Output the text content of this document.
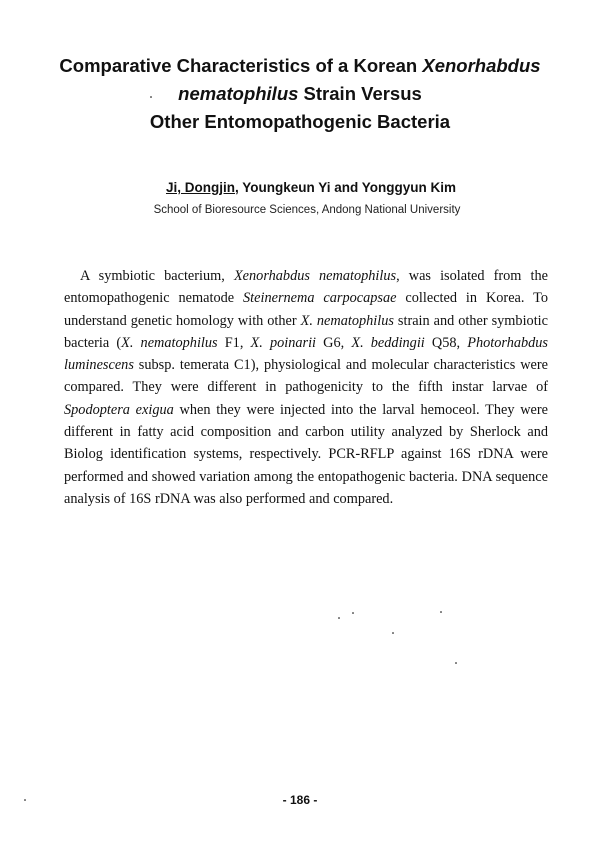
Comparative Characteristics of a Korean Xenorhabdus
nematophilus Strain Versus
Other Entomopathogenic Bacteria
Ji, Dongjin, Youngkeun Yi and Yonggyun Kim
School of Bioresource Sciences, Andong National University

A symbiotic bacterium, Xenorhabdus nematophilus, was isolated from the entomopathogenic nematode Steinernema carpocapsae collected in Korea. To understand genetic homology with other X. nematophilus strain and other symbiotic bacteria (X. nematophilus F1, X. poinarii G6, X. beddingii Q58, Photorhabdus luminescens subsp. temerata C1), physiological and molecular characteristics were compared. They were different in pathogenicity to the fifth instar larvae of Spodoptera exigua when they were injected into the larval hemoceol. They were different in fatty acid composition and carbon utility analyzed by Sherlock and Biolog identification systems, respectively. PCR-RFLP against 16S rDNA were performed and showed variation among the entopathogenic bacteria. DNA sequence analysis of 16S rDNA was also performed and compared.

- 186 -
